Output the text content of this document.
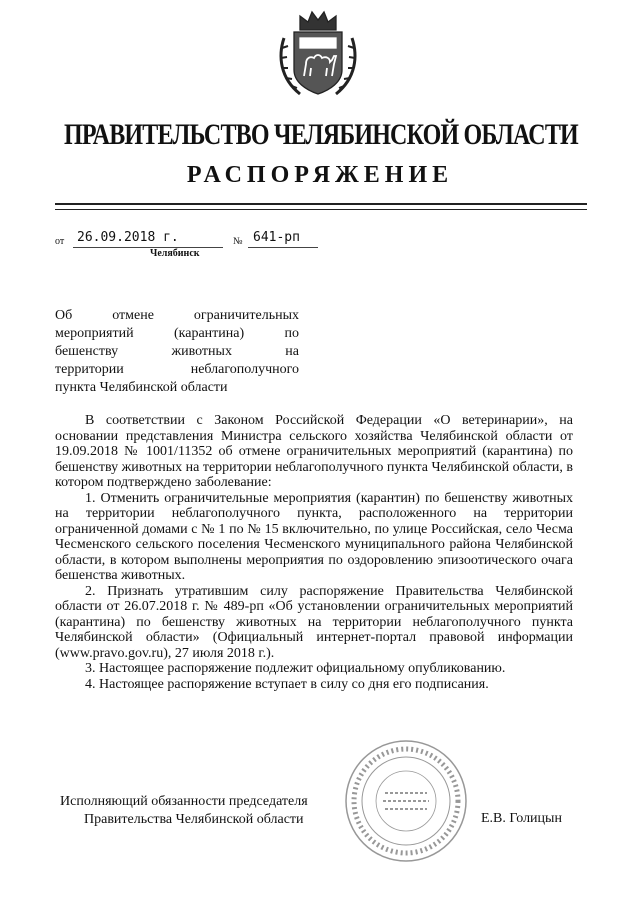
ПРАВИТЕЛЬСТВО ЧЕЛЯБИНСКОЙ ОБЛАСТИ
РАСПОРЯЖЕНИЕ
от 26.09.2018 г.	№ 641-рп
Челябинск
Об отмене ограничительных
мероприятий (карантина) по
бешенству животных на
территории неблагополучного
пункта Челябинской области

В соответствии с Законом Российской Федерации «О ветеринарии», на основании представления Министра сельского хозяйства Челябинской области от 19.09.2018 № 1001/11352 об отмене ограничительных мероприятий (карантина) по бешенству животных на территории неблагополучного пункта Челябинской области, в котором подтверждено заболевание:

1. Отменить ограничительные мероприятия (карантин) по бешенству животных на территории неблагополучного пункта, расположенного на территории ограниченной домами с № 1 по № 15 включительно, по улице Российская, село Чесма Чесменского сельского поселения Чесменского муниципального района Челябинской области, в котором выполнены мероприятия по оздоровлению эпизоотического очага бешенства животных.

2. Признать утратившим силу распоряжение Правительства Челябинской области от 26.07.2018 г. № 489-рп «Об установлении ограничительных мероприятий (карантина) по бешенству животных на территории неблагополучного пункта Челябинской области» (Официальный интернет-портал правовой информации (www.pravo.gov.ru), 27 июля 2018 г.).

3. Настоящее распоряжение подлежит официальному опубликованию.

4. Настоящее распоряжение вступает в силу со дня его подписания.

Исполняющий обязанности председателя
Правительства Челябинской области	Е.В. Голицын
